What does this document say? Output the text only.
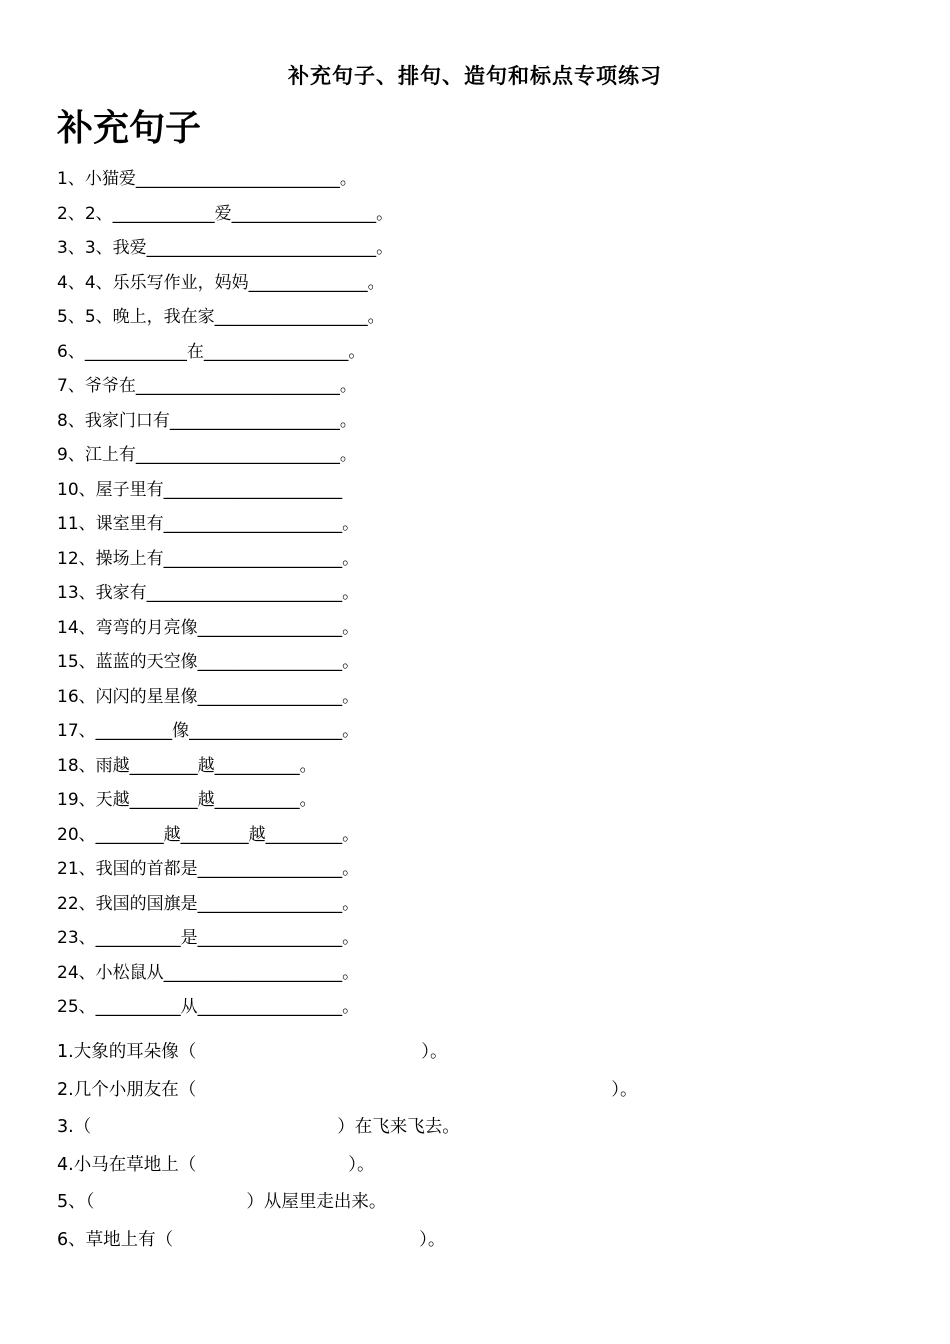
补充句子、排句、造句和标点专项练习
补充句子
1、小猫爱________________________。
2、2、____________爱_________________。
3、3、我爱___________________________。
4、4、乐乐写作业，妈妈______________。
5、5、晚上，我在家__________________。
6、____________在_________________。
7、爷爷在________________________。
8、我家门口有____________________。
9、江上有________________________。
10、屋子里有_____________________
11、课室里有_____________________。
12、操场上有_____________________。
13、我家有_______________________。
14、弯弯的月亮像_________________。
15、蓝蓝的天空像_________________。
16、闪闪的星星像_________________。
17、_________像__________________。
18、雨越________越__________。
19、天越________越__________。
20、________越________越_________。
21、我国的首都是_________________。
22、我国的国旗是_________________。
23、__________是_________________。
24、小松鼠从_____________________。
25、__________从_________________。
1.大象的耳朵像（	）。
2.几个小朋友在（	）。
3.（	）在飞来飞去。
4.小马在草地上（	）。
5、（	）从屋里走出来。
6、草地上有（	）。
